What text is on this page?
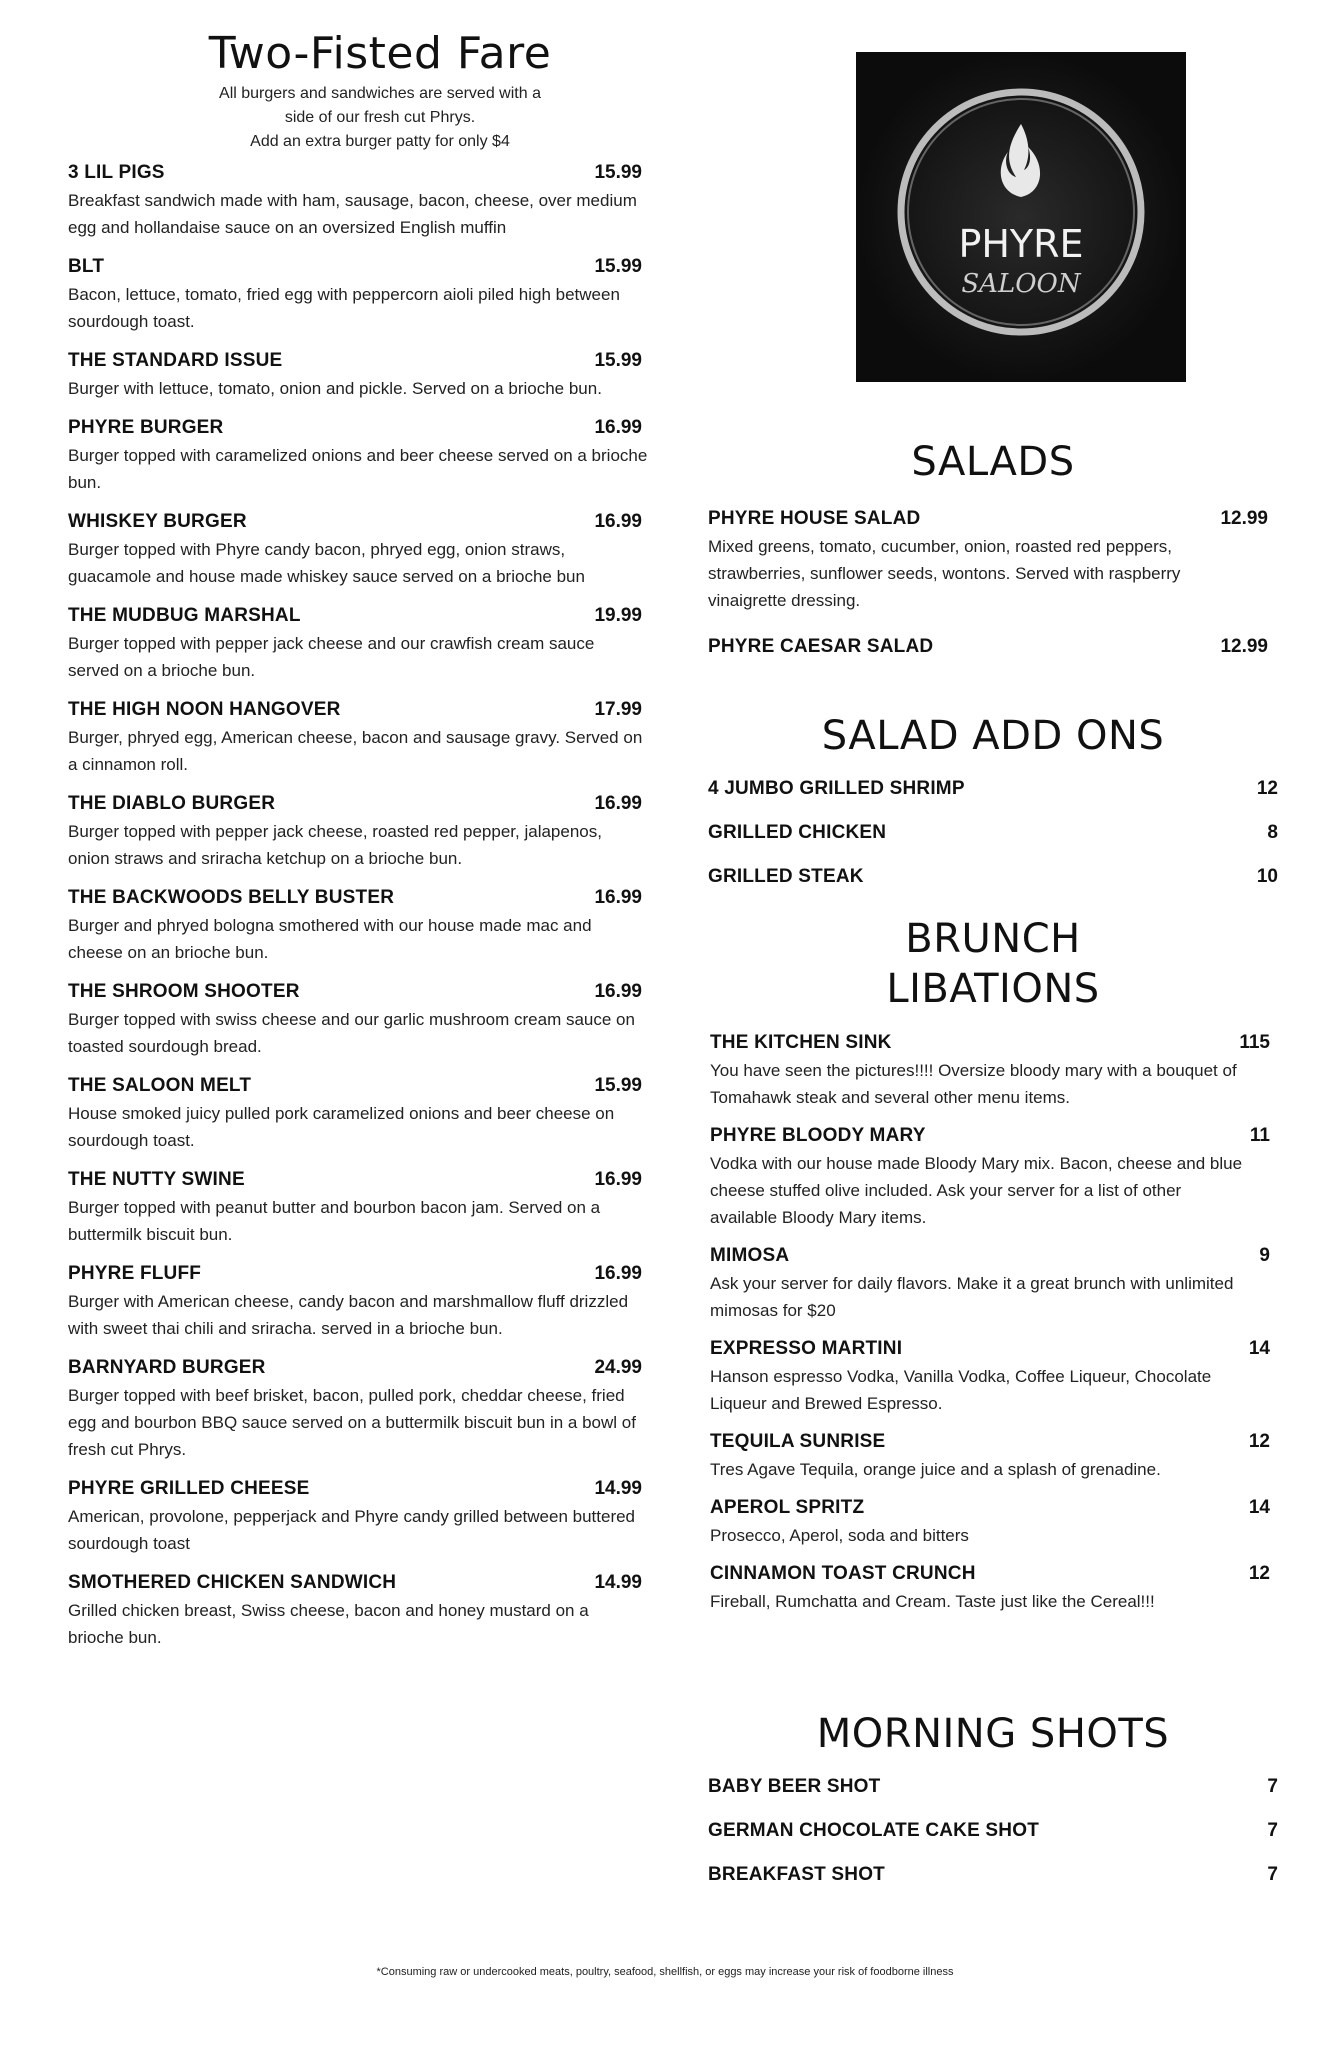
Two-Fisted Fare
All burgers and sandwiches are served with a
side of our fresh cut Phrys.
Add an extra burger patty for only $4
3 LIL PIGS	15.99
Breakfast sandwich made with ham, sausage, bacon, cheese, over medium egg and hollandaise sauce on an oversized English muffin
BLT	15.99
Bacon, lettuce, tomato, fried egg with peppercorn aioli piled high between sourdough toast.
THE STANDARD ISSUE	15.99
Burger with lettuce, tomato, onion and pickle. Served on a brioche bun.
PHYRE BURGER	16.99
Burger topped with caramelized onions and beer cheese served on a brioche bun.
WHISKEY BURGER	16.99
Burger topped with Phyre candy bacon, phryed egg, onion straws, guacamole and house made whiskey sauce served on a brioche bun
THE MUDBUG MARSHAL	19.99
Burger topped with pepper jack cheese and our crawfish cream sauce served on a brioche bun.
THE HIGH NOON HANGOVER	17.99
Burger, phryed egg, American cheese, bacon and sausage gravy. Served on a cinnamon roll.
THE DIABLO BURGER	16.99
Burger topped with pepper jack cheese, roasted red pepper, jalapenos, onion straws and sriracha ketchup on a brioche bun.
THE BACKWOODS BELLY BUSTER	16.99
Burger and phryed bologna smothered with our house made mac and cheese on an brioche bun.
THE SHROOM SHOOTER	16.99
Burger topped with swiss cheese and our garlic mushroom cream sauce on toasted sourdough bread.
THE SALOON MELT	15.99
House smoked juicy pulled pork caramelized onions and beer cheese on sourdough toast.
THE NUTTY SWINE	16.99
Burger topped with peanut butter and bourbon bacon jam. Served on a buttermilk biscuit bun.
PHYRE FLUFF	16.99
Burger with American cheese, candy bacon and marshmallow fluff drizzled with sweet thai chili and sriracha. served in a brioche bun.
BARNYARD BURGER	24.99
Burger topped with beef brisket, bacon, pulled pork, cheddar cheese, fried egg and bourbon BBQ sauce served on a buttermilk biscuit bun in a bowl of fresh cut Phrys.
PHYRE GRILLED CHEESE	14.99
American, provolone, pepperjack and Phyre candy grilled between buttered sourdough toast
SMOTHERED CHICKEN SANDWICH	14.99
Grilled chicken breast, Swiss cheese, bacon and honey mustard on a brioche bun.
PHYRE
SALOON
SALADS
PHYRE HOUSE SALAD	12.99
Mixed greens, tomato, cucumber, onion, roasted red peppers, strawberries, sunflower seeds, wontons. Served with raspberry vinaigrette dressing.
PHYRE CAESAR SALAD	12.99
SALAD ADD ONS
4 JUMBO GRILLED SHRIMP	12
GRILLED CHICKEN	8
GRILLED STEAK	10
BRUNCH
LIBATIONS
THE KITCHEN SINK	115
You have seen the pictures!!!! Oversize bloody mary with a bouquet of Tomahawk steak and several other menu items.
PHYRE BLOODY MARY	11
Vodka with our house made Bloody Mary mix. Bacon, cheese and blue cheese stuffed olive included. Ask your server for a list of other available Bloody Mary items.
MIMOSA	9
Ask your server for daily flavors. Make it a great brunch with unlimited mimosas for $20
EXPRESSO MARTINI	14
Hanson espresso Vodka, Vanilla Vodka, Coffee Liqueur, Chocolate Liqueur and Brewed Espresso.
TEQUILA SUNRISE	12
Tres Agave Tequila, orange juice and a splash of grenadine.
APEROL SPRITZ	14
Prosecco, Aperol, soda and bitters
CINNAMON TOAST CRUNCH	12
Fireball, Rumchatta and Cream. Taste just like the Cereal!!!
MORNING SHOTS
BABY BEER SHOT	7
GERMAN CHOCOLATE CAKE SHOT	7
BREAKFAST SHOT	7
*Consuming raw or undercooked meats, poultry, seafood, shellfish, or eggs may increase your risk of foodborne illness
